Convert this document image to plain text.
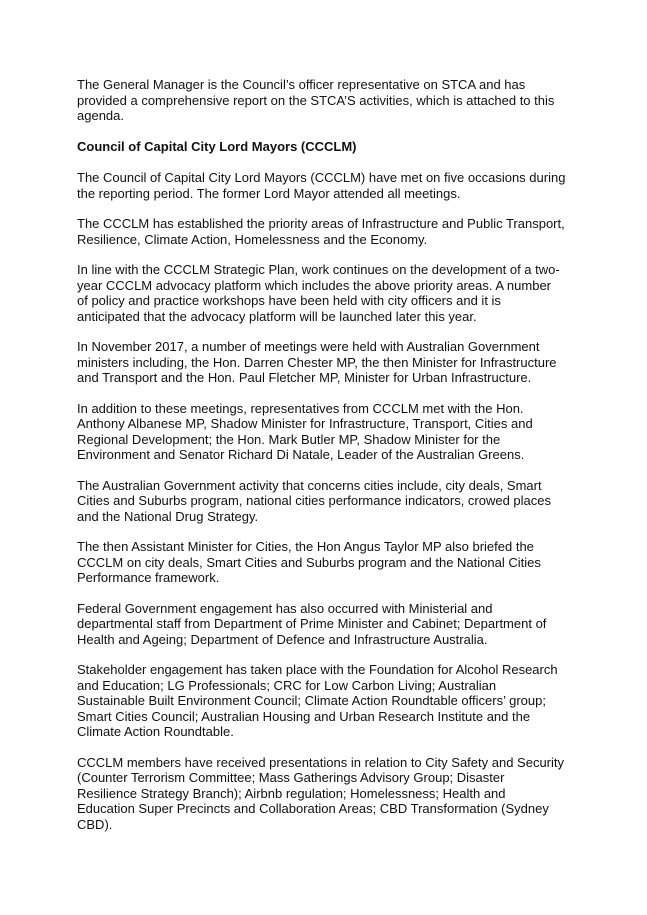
The General Manager is the Council’s officer representative on STCA and has
provided a comprehensive report on the STCA’S activities, which is attached to this
agenda.

Council of Capital City Lord Mayors (CCCLM)

The Council of Capital City Lord Mayors (CCCLM) have met on five occasions during
the reporting period. The former Lord Mayor attended all meetings.

The CCCLM has established the priority areas of Infrastructure and Public Transport,
Resilience, Climate Action, Homelessness and the Economy.

In line with the CCCLM Strategic Plan, work continues on the development of a two-
year CCCLM advocacy platform which includes the above priority areas. A number
of policy and practice workshops have been held with city officers and it is
anticipated that the advocacy platform will be launched later this year.

In November 2017, a number of meetings were held with Australian Government
ministers including, the Hon. Darren Chester MP, the then Minister for Infrastructure
and Transport and the Hon. Paul Fletcher MP, Minister for Urban Infrastructure.

In addition to these meetings, representatives from CCCLM met with the Hon.
Anthony Albanese MP, Shadow Minister for Infrastructure, Transport, Cities and
Regional Development; the Hon. Mark Butler MP, Shadow Minister for the
Environment and Senator Richard Di Natale, Leader of the Australian Greens.

The Australian Government activity that concerns cities include, city deals, Smart
Cities and Suburbs program, national cities performance indicators, crowed places
and the National Drug Strategy.

The then Assistant Minister for Cities, the Hon Angus Taylor MP also briefed the
CCCLM on city deals, Smart Cities and Suburbs program and the National Cities
Performance framework.

Federal Government engagement has also occurred with Ministerial and
departmental staff from Department of Prime Minister and Cabinet; Department of
Health and Ageing; Department of Defence and Infrastructure Australia.

Stakeholder engagement has taken place with the Foundation for Alcohol Research
and Education; LG Professionals; CRC for Low Carbon Living; Australian
Sustainable Built Environment Council; Climate Action Roundtable officers’ group;
Smart Cities Council; Australian Housing and Urban Research Institute and the
Climate Action Roundtable.

CCCLM members have received presentations in relation to City Safety and Security
(Counter Terrorism Committee; Mass Gatherings Advisory Group; Disaster
Resilience Strategy Branch); Airbnb regulation; Homelessness; Health and
Education Super Precincts and Collaboration Areas; CBD Transformation (Sydney
CBD).
